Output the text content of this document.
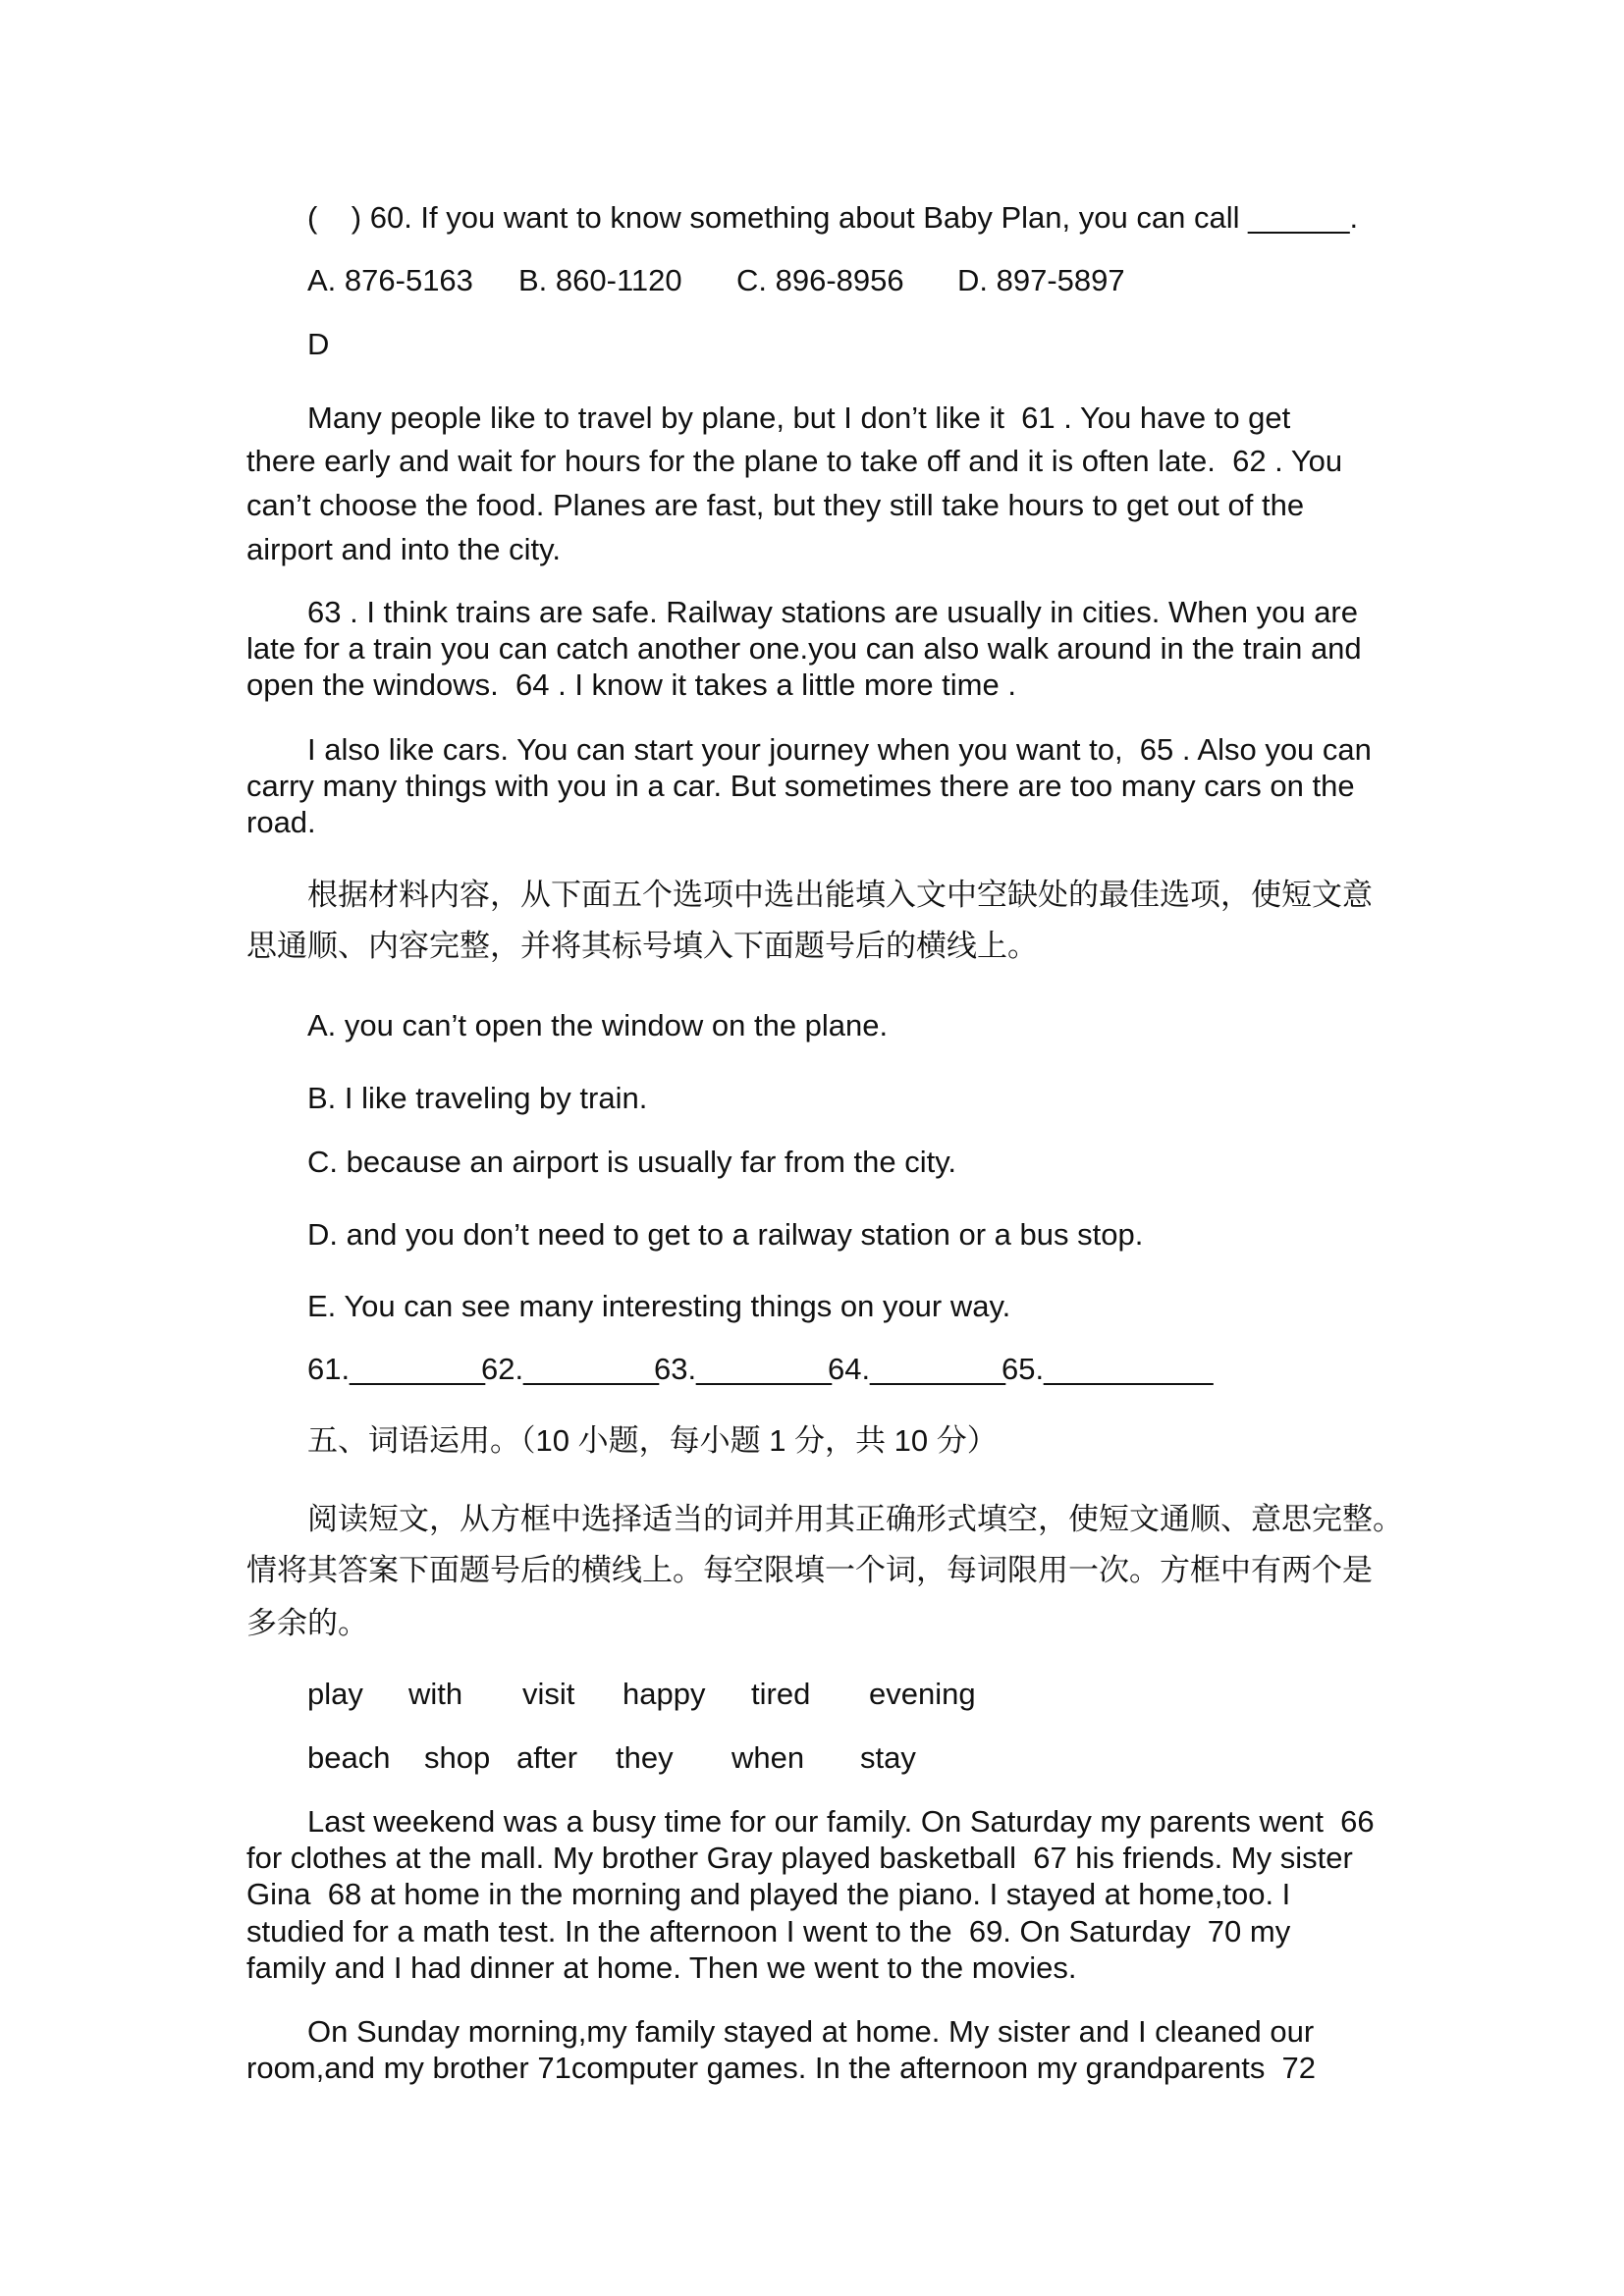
(    ) 60. If you want to know something about Baby Plan, you can call ______.
A. 876-5163 B. 860-1120 C. 896-8956 D. 897-5897
D
Many people like to travel by plane, but I don’t like it  61 . You have to get
there early and wait for hours for the plane to take off and it is often late.  62 . You
can’t choose the food. Planes are fast, but they still take hours to get out of the
airport and into the city.
63 . I think trains are safe. Railway stations are usually in cities. When you are
late for a train you can catch another one.you can also walk around in the train and
open the windows.  64 . I know it takes a little more time .
I also like cars. You can start your journey when you want to,  65 . Also you can
carry many things with you in a car. But sometimes there are too many cars on the
road.
根据材料内容，从下面五个选项中选出能填入文中空缺处的最佳选项，使短文意
思通顺、内容完整，并将其标号填入下面题号后的横线上。
A. you can’t open the window on the plane.
B. I like traveling by train.
C. because an airport is usually far from the city.
D. and you don’t need to get to a railway station or a bus stop.
E. You can see many interesting things on your way.
61.________
62.________
63.________
64.________
65.__________
五、词语运用。（10 小题，每小题 1 分，共 10 分）
阅读短文，从方框中选择适当的词并用其正确形式填空，使短文通顺、意思完整。
情将其答案下面题号后的横线上。每空限填一个词，每词限用一次。方框中有两个是
多余的。
play with visit happy tired evening
beach shop after they when stay
Last weekend was a busy time for our family. On Saturday my parents went  66
for clothes at the mall. My brother Gray played basketball  67 his friends. My sister
Gina  68 at home in the morning and played the piano. I stayed at home,too. I
studied for a math test. In the afternoon I went to the  69. On Saturday  70 my
family and I had dinner at home. Then we went to the movies.
On Sunday morning,my family stayed at home. My sister and I cleaned our
room,and my brother 71computer games. In the afternoon my grandparents  72
